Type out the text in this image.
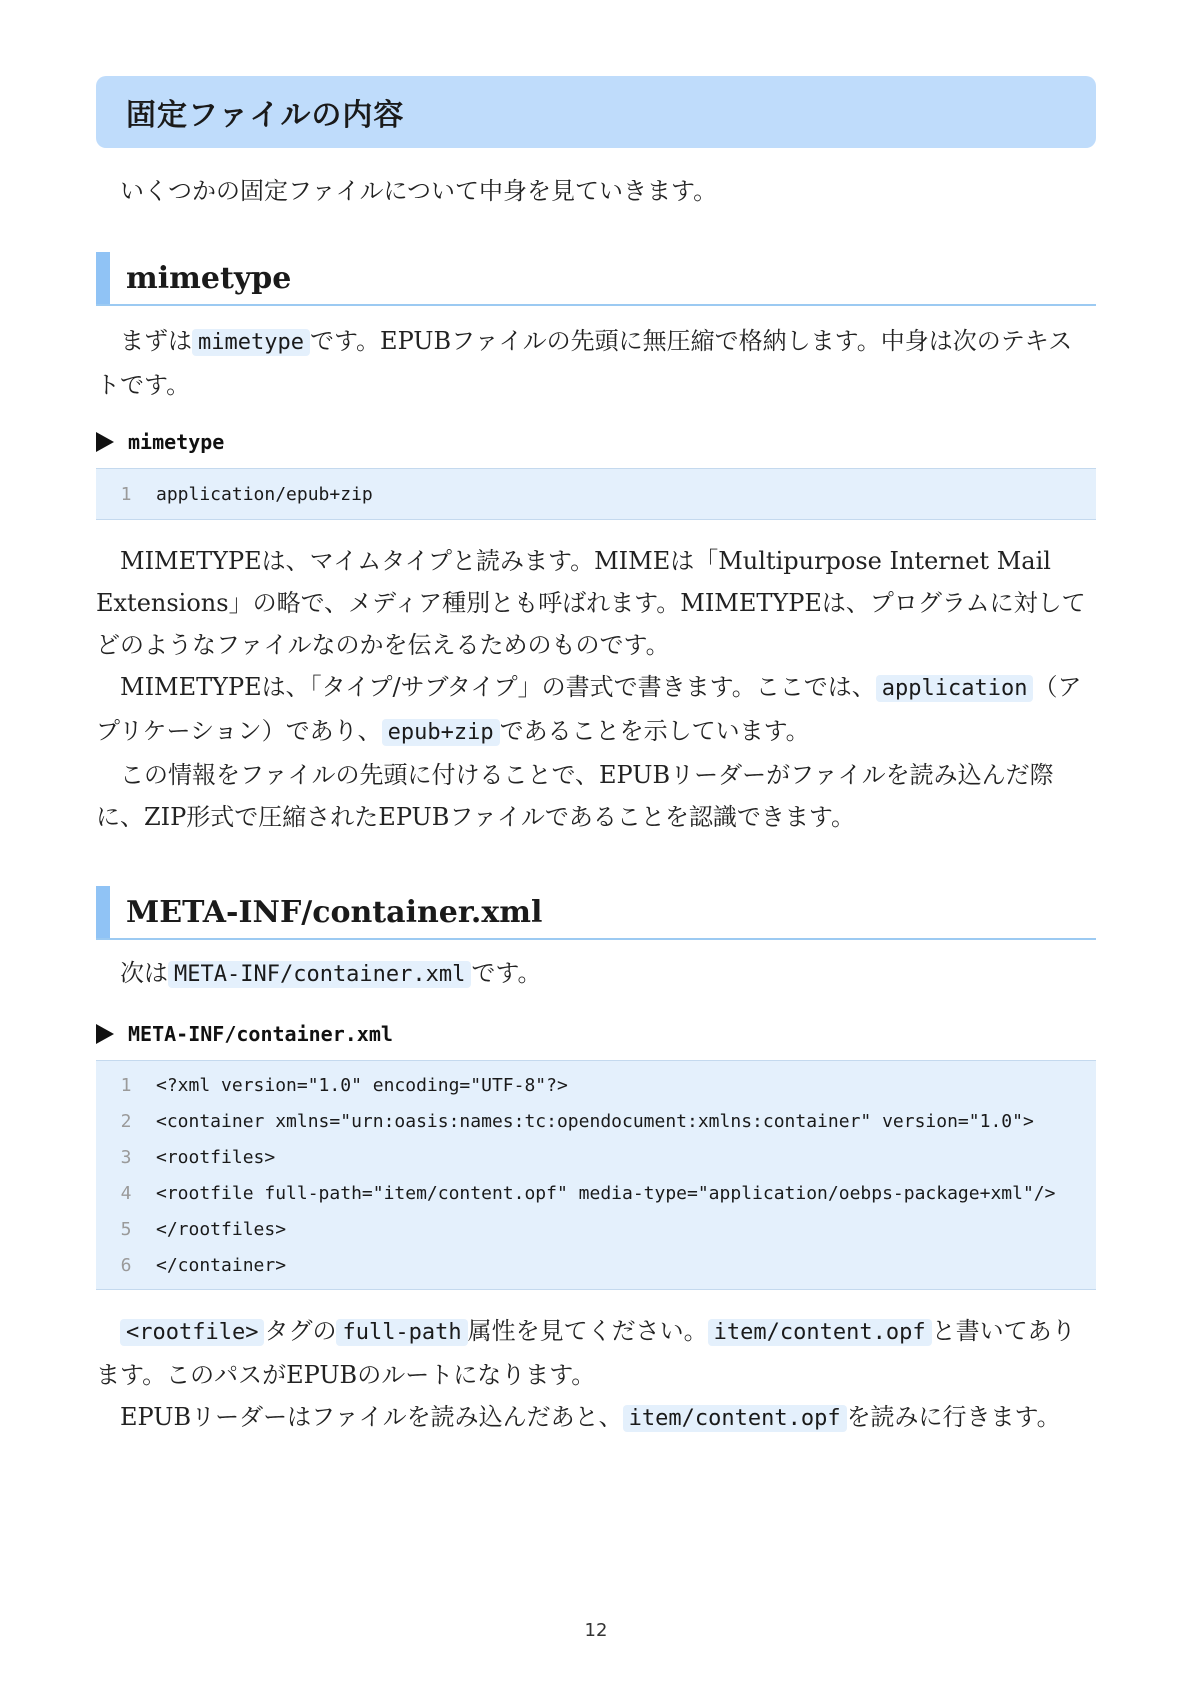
固定ファイルの内容

いくつかの固定ファイルについて中身を見ていきます。

mimetype

まずは mimetype です。EPUBファイルの先頭に無圧縮で格納します。中身は次のテキストです。

mimetype
1	application/epub+zip

MIMETYPEは、マイムタイプと読みます。MIMEは「Multipurpose Internet Mail Extensions」の略で、メディア種別とも呼ばれます。MIMETYPEは、プログラムに対してどのようなファイルなのかを伝えるためのものです。

MIMETYPEは、「タイプ/サブタイプ」の書式で書きます。ここでは、 application （アプリケーション）であり、 epub+zip であることを示しています。

この情報をファイルの先頭に付けることで、EPUBリーダーがファイルを読み込んだ際に、ZIP形式で圧縮されたEPUBファイルであることを認識できます。

META-INF/container.xml

次は META-INF/container.xml です。

META-INF/container.xml
1	<?xml version="1.0" encoding="UTF-8"?>
2	<container xmlns="urn:oasis:names:tc:opendocument:xmlns:container" version="1.0">
3	<rootfiles>
4	<rootfile full-path="item/content.opf" media-type="application/oebps-package+xml"/>
5	</rootfiles>
6	</container>

<rootfile> タグの full-path 属性を見てください。 item/content.opf と書いてあります。このパスがEPUBのルートになります。

EPUBリーダーはファイルを読み込んだあと、 item/content.opf を読みに行きます。

12
